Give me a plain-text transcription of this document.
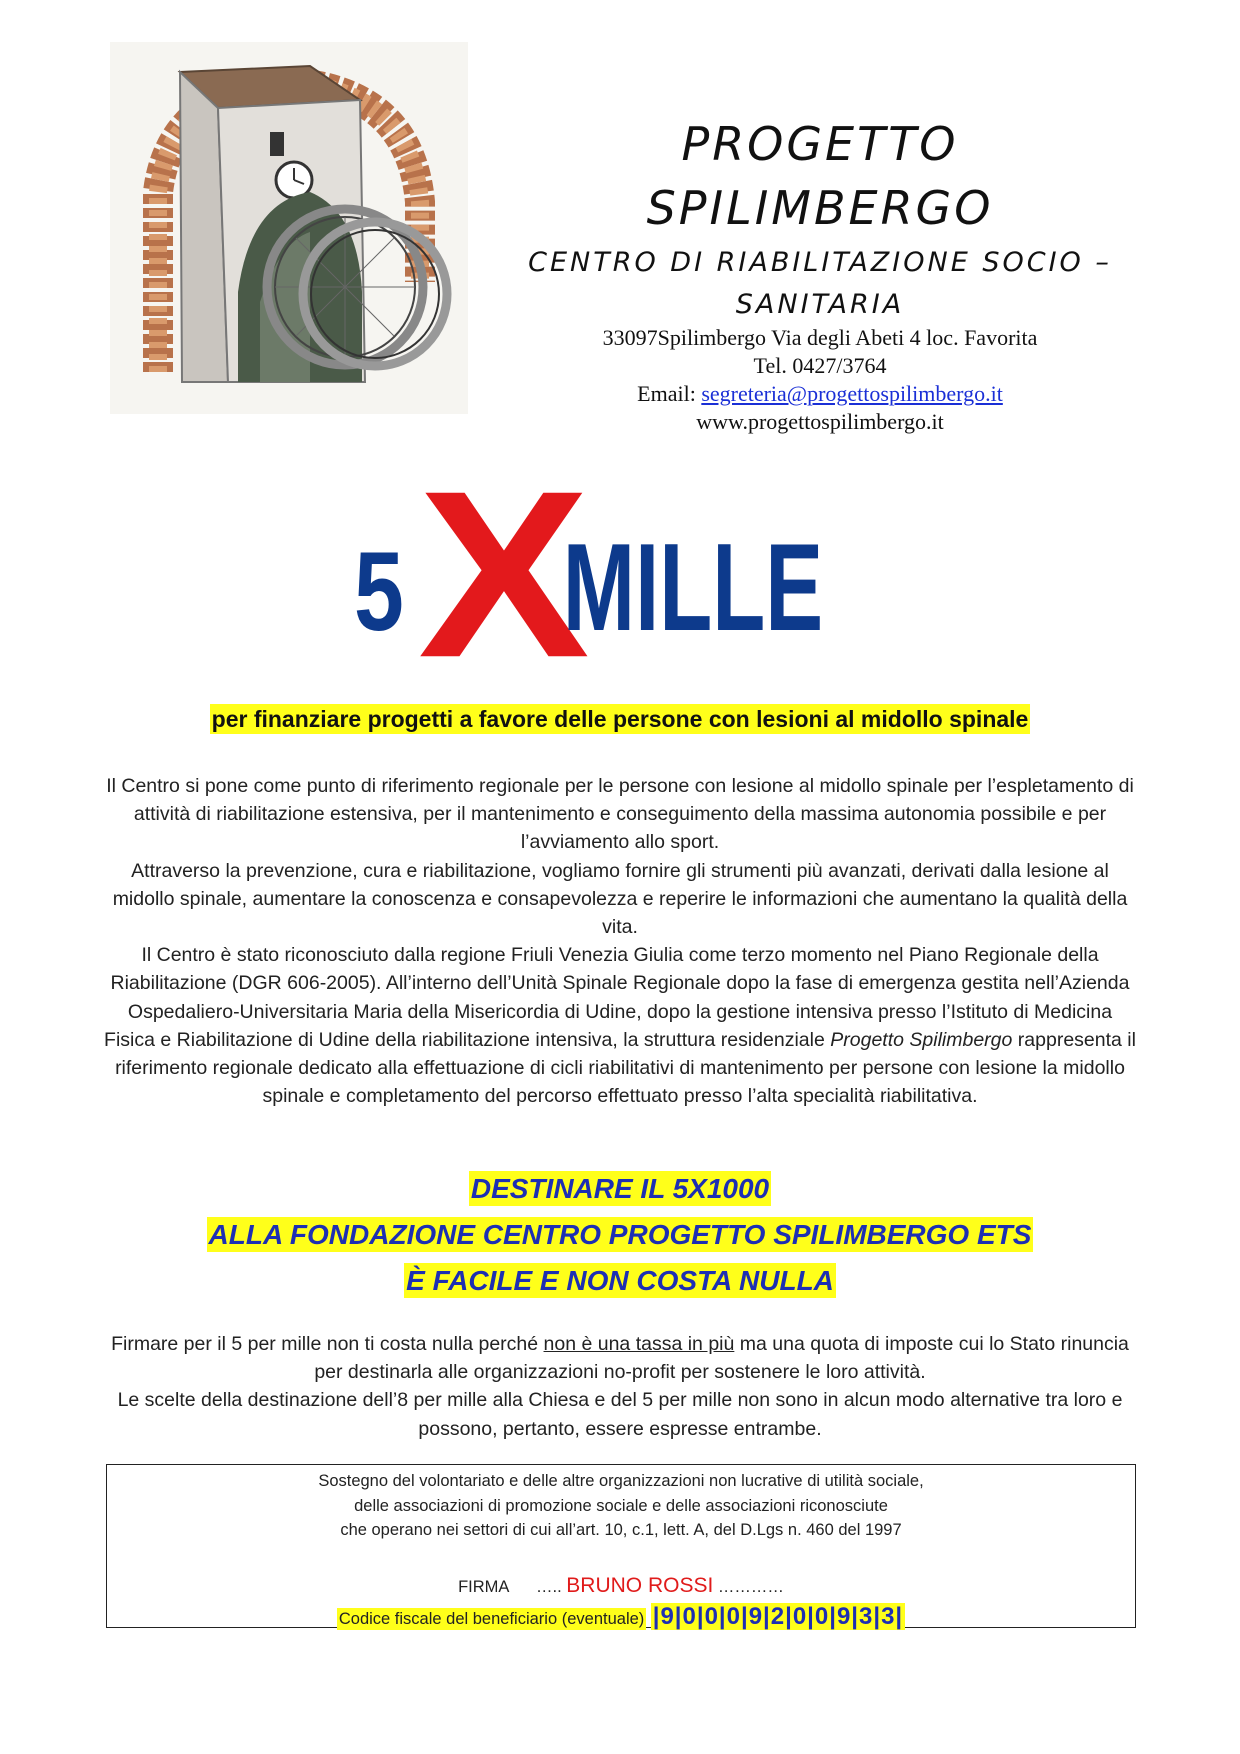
PROGETTO
SPILIMBERGO
CENTRO DI RIABILITAZIONE SOCIO –
SANITARIA
33097Spilimbergo Via degli Abeti 4 loc. Favorita
Tel. 0427/3764
Email: segreteria@progettospilimbergo.it
www.progettospilimbergo.it
5 X
MILLE
per finanziare progetti a favore delle persone con lesioni al midollo spinale

Il Centro si pone come punto di riferimento regionale per le persone con lesione al midollo spinale per l’espletamento di attività di riabilitazione estensiva, per il mantenimento e conseguimento della massima autonomia possibile e per l’avviamento allo sport.

Attraverso la prevenzione, cura e riabilitazione, vogliamo fornire gli strumenti più avanzati, derivati dalla lesione al midollo spinale, aumentare la conoscenza e consapevolezza e reperire le informazioni che aumentano la qualità della vita.

Il Centro è stato riconosciuto dalla regione Friuli Venezia Giulia come terzo momento nel Piano Regionale della Riabilitazione (DGR 606-2005). All’interno dell’Unità Spinale Regionale dopo la fase di emergenza gestita nell’Azienda Ospedaliero-Universitaria Maria della Misericordia di Udine, dopo la gestione intensiva presso l’Istituto di Medicina Fisica e Riabilitazione di Udine della riabilitazione intensiva, la struttura residenziale Progetto Spilimbergo rappresenta il riferimento regionale dedicato alla effettuazione di cicli riabilitativi di mantenimento per persone con lesione la midollo spinale e completamento del percorso effettuato presso l’alta specialità riabilitativa.

DESTINARE IL 5X1000
ALLA FONDAZIONE CENTRO PROGETTO SPILIMBERGO ETS
È FACILE E NON COSTA NULLA

Firmare per il 5 per mille non ti costa nulla perché non è una tassa in più ma una quota di imposte cui lo Stato rinuncia per destinarla alle organizzazioni no-profit per sostenere le loro attività.

Le scelte della destinazione dell’8 per mille alla Chiesa e del 5 per mille non sono in alcun modo alternative tra loro e possono, pertanto, essere espresse entrambe.

Sostegno del volontariato e delle altre organizzazioni non lucrative di utilità sociale,

delle associazioni di promozione sociale e delle associazioni riconosciute

che operano nei settori di cui all’art. 10, c.1, lett. A, del D.Lgs n. 460 del 1997

FIRMA ….. BRUNO ROSSI …………
Codice fiscale del beneficiario (eventuale) |9|0|0|0|9|2|0|0|9|3|3|
